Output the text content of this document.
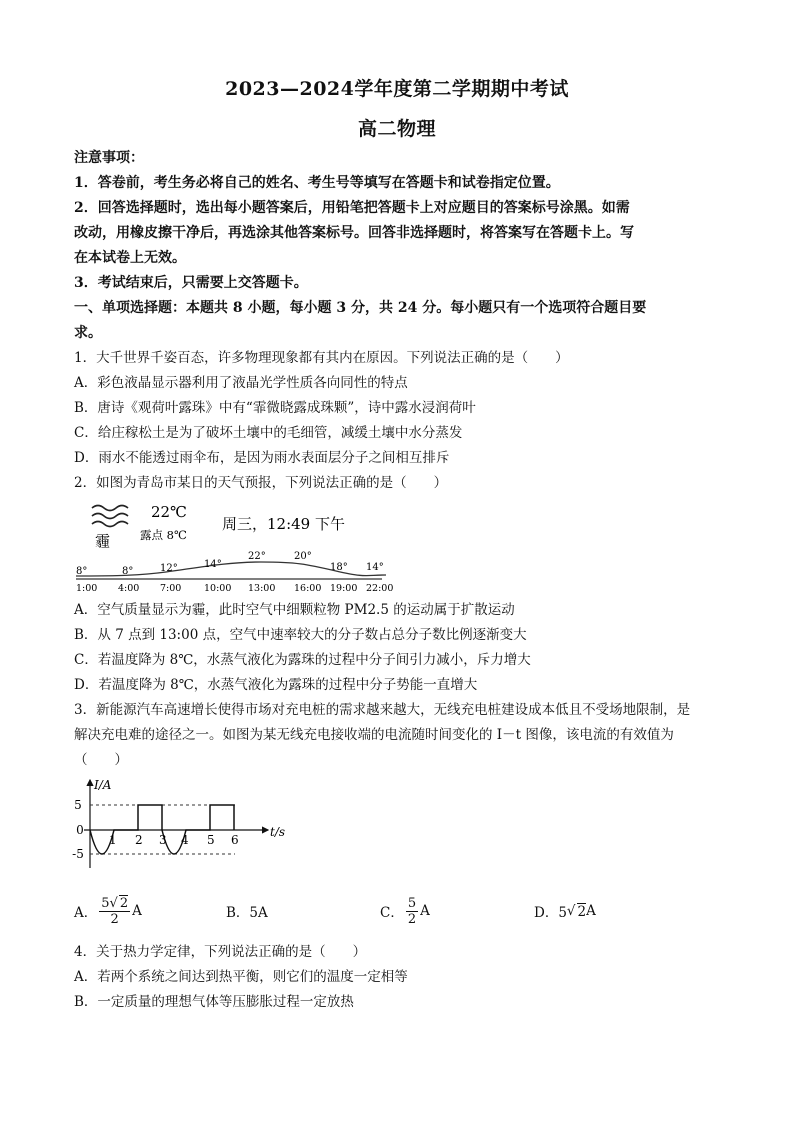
2023—2024学年度第二学期期中考试
高二物理
注意事项：
1．答卷前，考生务必将自己的姓名、考生号等填写在答题卡和试卷指定位置。
2．回答选择题时，选出每小题答案后，用铅笔把答题卡上对应题目的答案标号涂黑。如需
改动，用橡皮擦干净后，再选涂其他答案标号。回答非选择题时，将答案写在答题卡上。写
在本试卷上无效。
3．考试结束后，只需要上交答题卡。
一、单项选择题：本题共 8 小题，每小题 3 分，共 24 分。每小题只有一个选项符合题目要
求。
1．大千世界千姿百态，许多物理现象都有其内在原因。下列说法正确的是（　　）
A．彩色液晶显示器利用了液晶光学性质各向同性的特点
B．唐诗《观荷叶露珠》中有“霏微晓露成珠颗”，诗中露水浸润荷叶
C．给庄稼松土是为了破坏土壤中的毛细管，减缓土壤中水分蒸发
D．雨水不能透过雨伞布，是因为雨水表面层分子之间相互排斥
2．如图为青岛市某日的天气预报，下列说法正确的是（　　）
霾
22℃
露点 8℃
周三，12:49 下午
8°	8°	12°	14°
22°	20°
18° 14°
1:00 4:00 7:00 10:00 13:00 16:00 19:00 22:00
A．空气质量显示为霾，此时空气中细颗粒物 PM2.5 的运动属于扩散运动
B．从 7 点到 13:00 点，空气中速率较大的分子数占总分子数比例逐渐变大
C．若温度降为 8℃，水蒸气液化为露珠的过程中分子间引力减小，斥力增大
D．若温度降为 8℃，水蒸气液化为露珠的过程中分子势能一直增大
3．新能源汽车高速增长使得市场对充电桩的需求越来越大，无线充电桩建设成本低且不受场地限制，是
解决充电难的途径之一。如图为某无线充电接收端的电流随时间变化的 I－t 图像，该电流的有效值为
（　　）
I/A
t/s
5
0
-5
1 2 3 4 5 6
A． $\frac{5√ 2}{2}$ A	B．5A	C． $\frac{5}{2}$ A	D．5 √ 2 A
4．关于热力学定律，下列说法正确的是（　　）
A．若两个系统之间达到热平衡，则它们的温度一定相等
B．一定质量的理想气体等压膨胀过程一定放热
